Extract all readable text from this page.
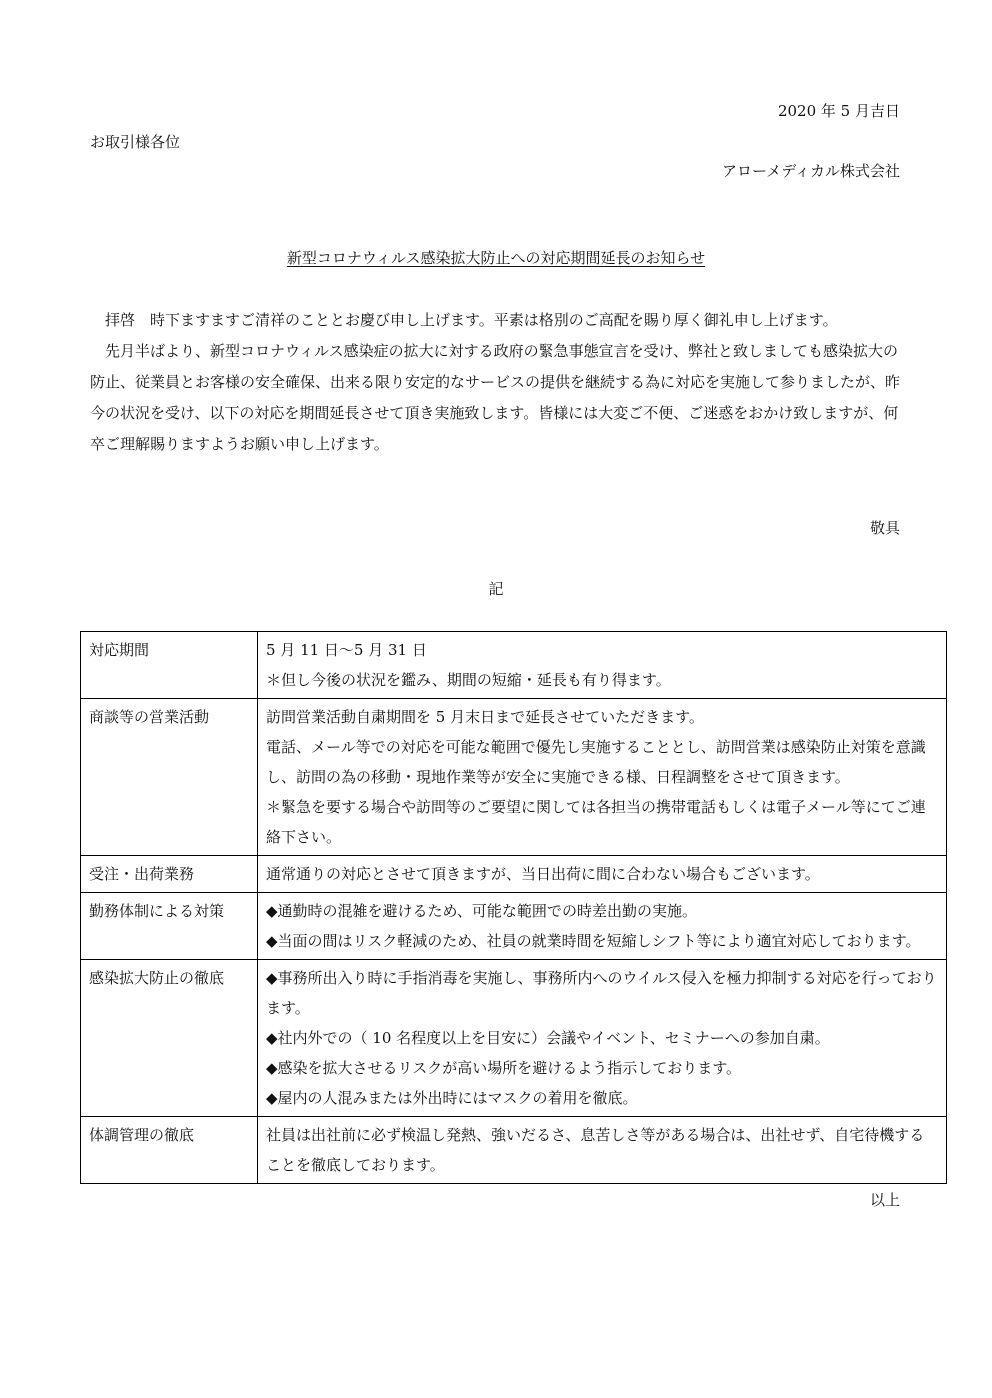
2020 年 5 月吉日
お取引様各位
アローメディカル株式会社
新型コロナウィルス感染拡大防止への対応期間延長のお知らせ

拝啓　時下ますますご清祥のこととお慶び申し上げます。平素は格別のご高配を賜り厚く御礼申し上げます。

先月半ばより、新型コロナウィルス感染症の拡大に対する政府の緊急事態宣言を受け、弊社と致しましても感染拡大の防止、従業員とお客様の安全確保、出来る限り安定的なサービスの提供を継続する為に対応を実施して参りましたが、昨今の状況を受け、以下の対応を期間延長させて頂き実施致します。皆様には大変ご不便、ご迷惑をおかけ致しますが、何卒ご理解賜りますようお願い申し上げます。

敬具
記
対応期間	5 月 11 日～5 月 31 日
＊但し今後の状況を鑑み、期間の短縮・延長も有り得ます。

商談等の営業活動	訪問営業活動自粛期間を 5 月末日まで延長させていただきます。
電話、メール等での対応を可能な範囲で優先し実施することとし、訪問営業は感染防止対策を意識し、訪問の為の移動・現地作業等が安全に実施できる様、日程調整をさせて頂きます。
＊緊急を要する場合や訪問等のご要望に関しては各担当の携帯電話もしくは電子メール等にてご連絡下さい。

受注・出荷業務	通常通りの対応とさせて頂きますが、当日出荷に間に合わない場合もございます。

勤務体制による対策	◆通勤時の混雑を避けるため、可能な範囲での時差出勤の実施。
◆当面の間はリスク軽減のため、社員の就業時間を短縮しシフト等により適宜対応しております。

感染拡大防止の徹底	◆事務所出入り時に手指消毒を実施し、事務所内へのウイルス侵入を極力抑制する対応を行っております。
◆社内外での（ 10 名程度以上を目安に）会議やイベント、セミナーへの参加自粛。
◆感染を拡大させるリスクが高い場所を避けるよう指示しております。
◆屋内の人混みまたは外出時にはマスクの着用を徹底。

体調管理の徹底	社員は出社前に必ず検温し発熱、強いだるさ、息苦しさ等がある場合は、出社せず、自宅待機することを徹底しております。
以上
